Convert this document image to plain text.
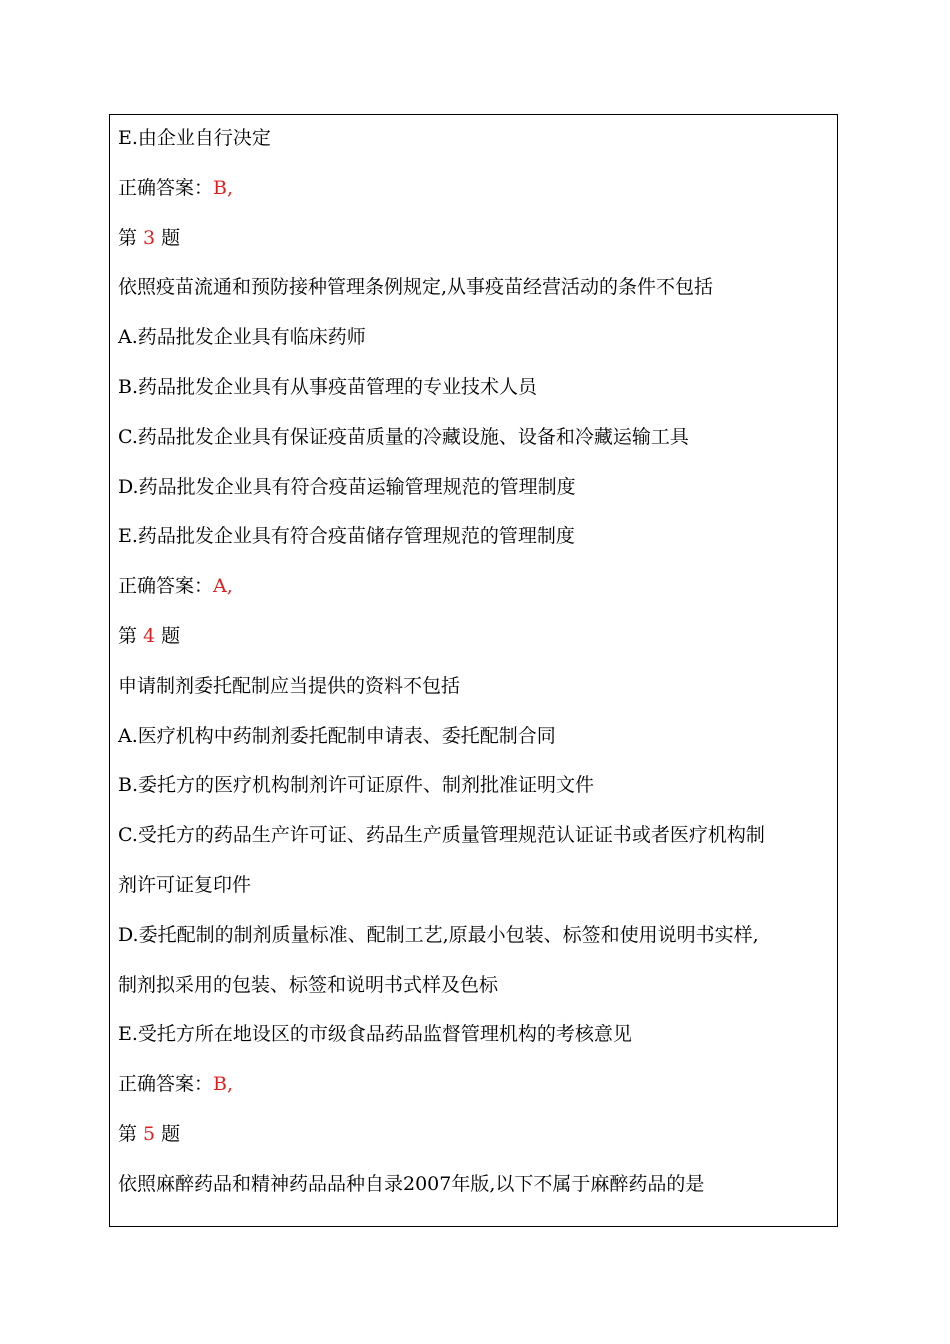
E.由企业自行决定
正确答案：B,
第 3 题
依照疫苗流通和预防接种管理条例规定,从事疫苗经营活动的条件不包括
A.药品批发企业具有临床药师
B.药品批发企业具有从事疫苗管理的专业技术人员
C.药品批发企业具有保证疫苗质量的冷藏设施、设备和冷藏运输工具
D.药品批发企业具有符合疫苗运输管理规范的管理制度
E.药品批发企业具有符合疫苗储存管理规范的管理制度
正确答案：A,
第 4 题
申请制剂委托配制应当提供的资料不包括
A.医疗机构中药制剂委托配制申请表、委托配制合同
B.委托方的医疗机构制剂许可证原件、制剂批准证明文件
C.受托方的药品生产许可证、药品生产质量管理规范认证证书或者医疗机构制
剂许可证复印件
D.委托配制的制剂质量标准、配制工艺,原最小包装、标签和使用说明书实样,
制剂拟采用的包装、标签和说明书式样及色标
E.受托方所在地设区的市级食品药品监督管理机构的考核意见
正确答案：B,
第 5 题
依照麻醉药品和精神药品品种自录2007年版,以下不属于麻醉药品的是
